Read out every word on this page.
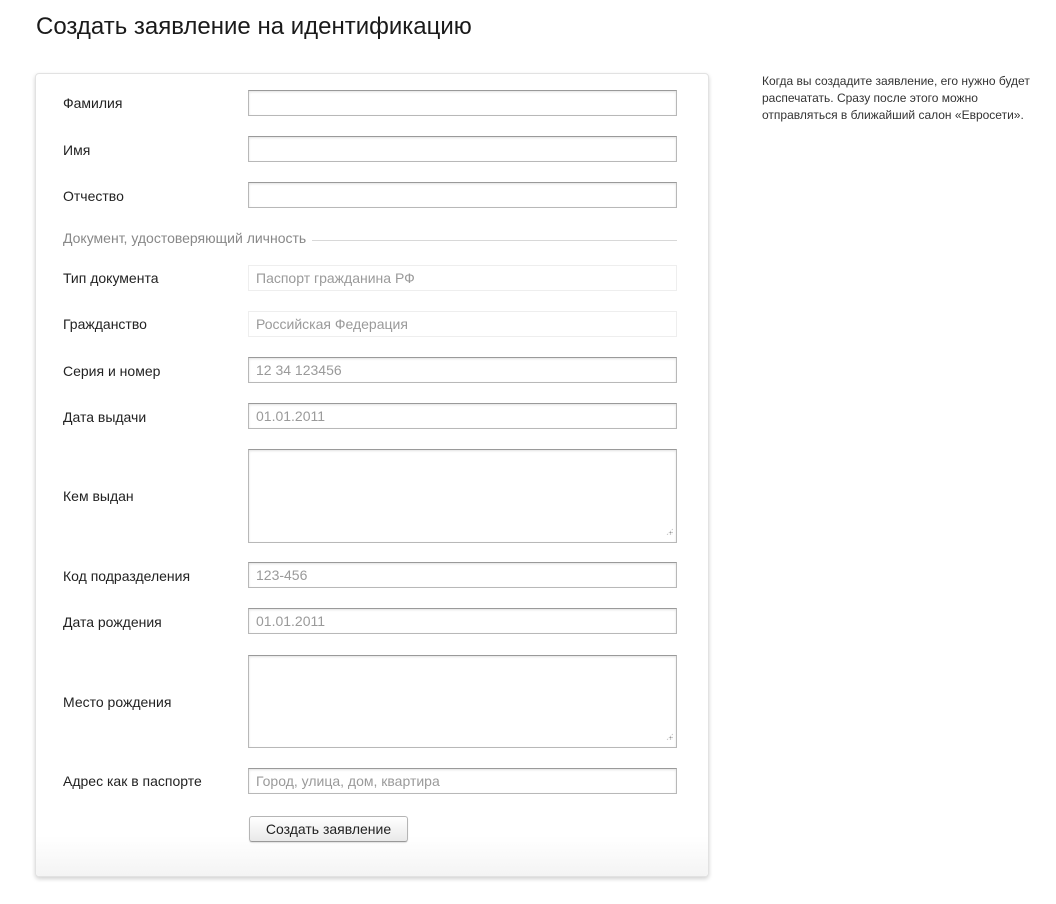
Создать заявление на идентификацию
Фамилия
Имя
Отчество
Документ, удостоверяющий личность
Тип документа
Паспорт гражданина РФ
Гражданство
Российская Федерация
Серия и номер
12 34 123456
Дата выдачи
01.01.2011
Кем выдан
Код подразделения
123-456
Дата рождения
01.01.2011
Место рождения
Адрес как в паспорте
Город, улица, дом, квартира
Создать заявление

Когда вы создадите заявление, его нужно будет распечатать. Сразу после этого можно отправляться в ближайший салон «Евросети».
